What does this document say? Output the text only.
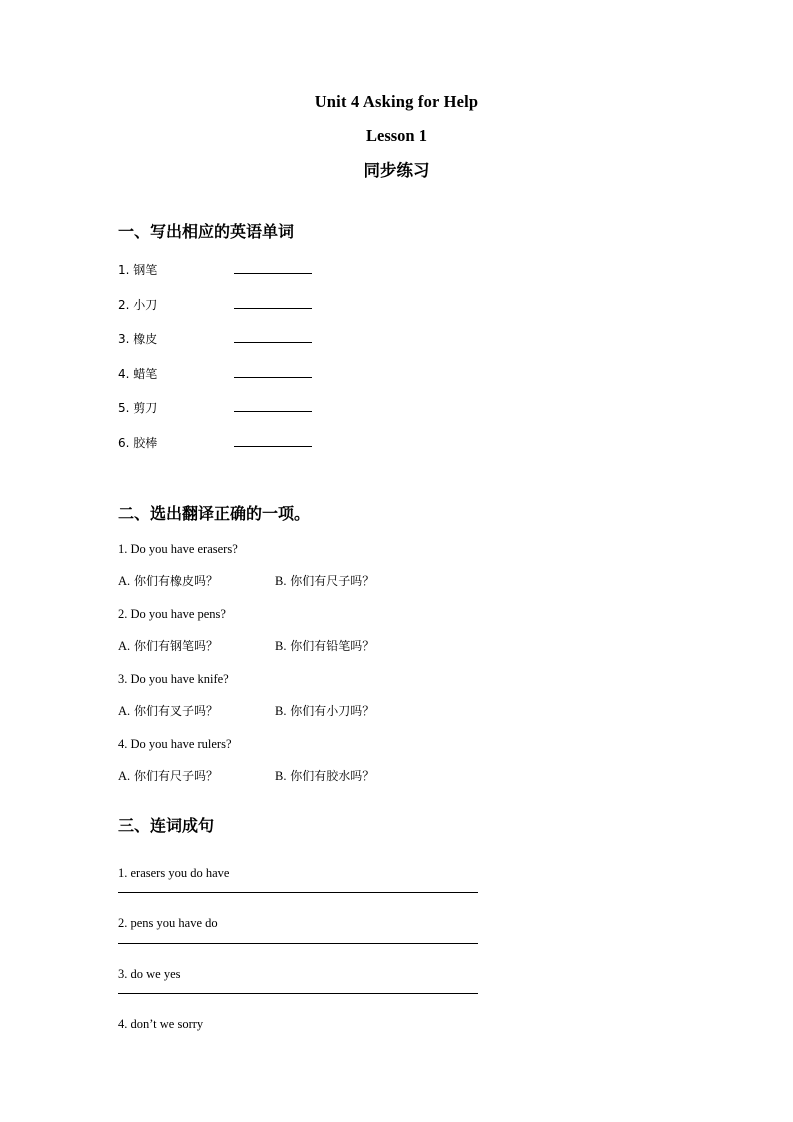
Unit 4 Asking for Help
Lesson 1
同步练习
一、写出相应的英语单词
1. 钢笔
2. 小刀
3. 橡皮
4. 蜡笔
5. 剪刀
6. 胶棒
二、选出翻译正确的一项。
1. Do you have erasers?
A. 你们有橡皮吗？	B. 你们有尺子吗？
2. Do you have pens?
A. 你们有钢笔吗？	B. 你们有铅笔吗？
3. Do you have knife?
A. 你们有叉子吗？	B. 你们有小刀吗？
4. Do you have rulers?
A. 你们有尺子吗？	B. 你们有胶水吗？
三、连词成句
1. erasers you do have
2. pens you have do
3. do we yes
4. don’t we sorry
